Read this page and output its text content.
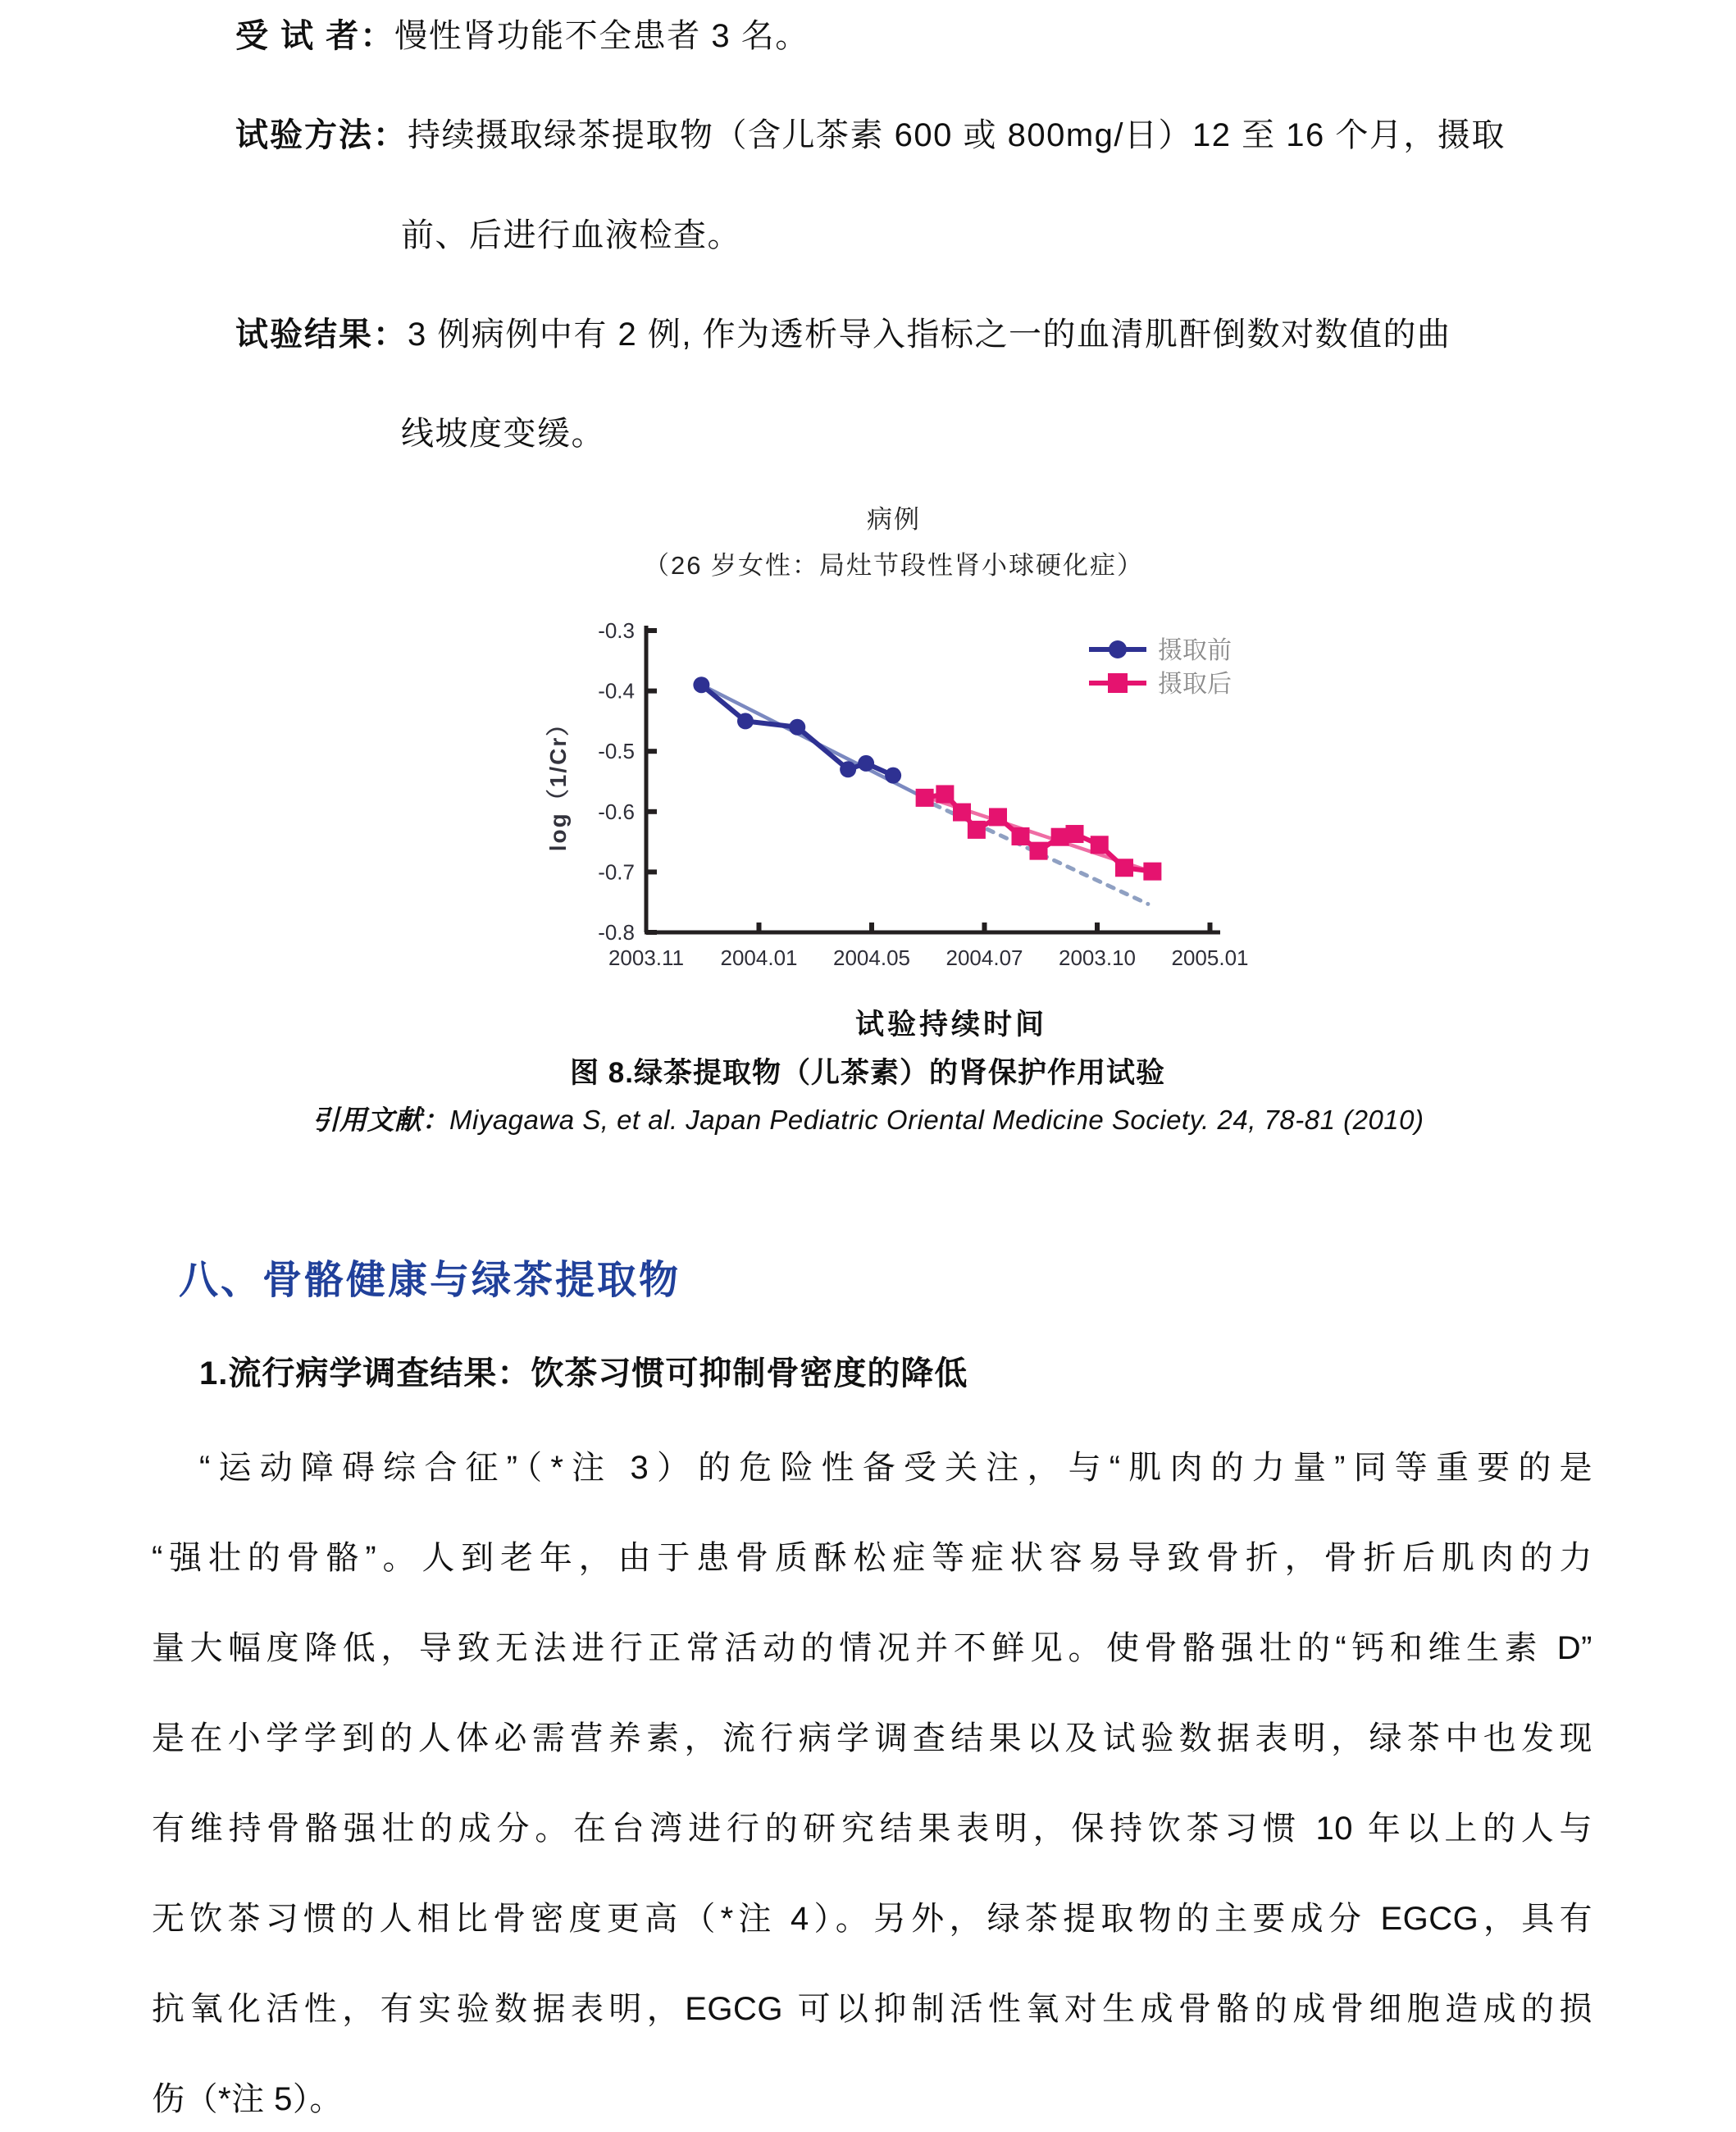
受 试 者：慢性肾功能不全患者 3 名。
试验方法：持续摄取绿茶提取物（含儿茶素 600 或 800mg/日）12 至 16 个月，摄取
前、后进行血液检查。
试验结果：3 例病例中有 2 例, 作为透析导入指标之一的血清肌酐倒数对数值的曲
线坡度变缓。
病例
（26 岁女性：局灶节段性肾小球硬化症）
-0.3
-0.4
-0.5
-0.6
-0.7
-0.8
2003.11 2004.01 2004.05 2004.07 2003.10 2005.01
log（1/Cr）
摄取前
摄取后
试验持续时间
图 8.绿茶提取物（儿茶素）的肾保护作用试验
引用文献：Miyagawa S, et al. Japan Pediatric Oriental Medicine Society. 24, 78-81 (2010)
八、骨骼健康与绿茶提取物
1.流行病学调查结果：饮茶习惯可抑制骨密度的降低

“运动障碍综合征”（*注 3）的危险性备受关注，与“肌肉的力量”同等重要的是

“强壮的骨骼”。人到老年，由于患骨质酥松症等症状容易导致骨折，骨折后肌肉的力

量大幅度降低，导致无法进行正常活动的情况并不鲜见。使骨骼强壮的“钙和维生素 D”

是在小学学到的人体必需营养素，流行病学调查结果以及试验数据表明，绿茶中也发现

有维持骨骼强壮的成分。在台湾进行的研究结果表明，保持饮茶习惯 10 年以上的人与

无饮茶习惯的人相比骨密度更高（*注 4）。另外，绿茶提取物的主要成分 EGCG，具有

抗氧化活性，有实验数据表明，EGCG 可以抑制活性氧对生成骨骼的成骨细胞造成的损

伤（*注 5）。
